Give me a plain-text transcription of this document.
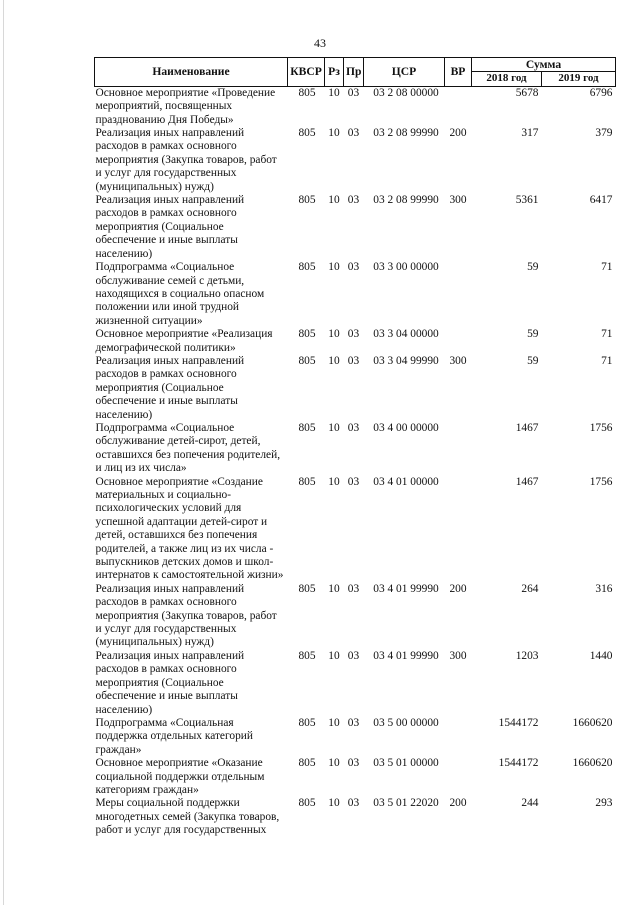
43
Наименование	КВСР	Рз	Пр	ЦСР	ВР	Сумма	
						2018 год	2019 год
Основное мероприятие «Проведение мероприятий, посвященных празднованию Дня Победы»	805	10	03	03 2 08 00000		5678	6796
Реализация иных направлений расходов в рамках основного мероприятия (Закупка товаров, работ и услуг для государственных (муниципальных) нужд)	805	10	03	03 2 08 99990	200	317	379
Реализация иных направлений расходов в рамках основного мероприятия (Социальное обеспечение и иные выплаты населению)	805	10	03	03 2 08 99990	300	5361	6417
Подпрограмма «Социальное обслуживание семей с детьми, находящихся в социально опасном положении или иной трудной жизненной ситуации»	805	10	03	03 3 00 00000		59	71
Основное мероприятие «Реализация демографической политики»	805	10	03	03 3 04 00000		59	71
Реализация иных направлений расходов в рамках основного мероприятия (Социальное обеспечение и иные выплаты населению)	805	10	03	03 3 04 99990	300	59	71
Подпрограмма «Социальное обслуживание детей-сирот, детей, оставшихся без попечения родителей, и лиц из их числа»	805	10	03	03 4 00 00000		1467	1756
Основное мероприятие «Создание материальных и социально-психологических условий для успешной адаптации детей-сирот и детей, оставшихся без попечения родителей, а также лиц из их числа - выпускников детских домов и школ-интернатов к самостоятельной жизни»	805	10	03	03 4 01 00000		1467	1756
Реализация иных направлений расходов в рамках основного мероприятия (Закупка товаров, работ и услуг для государственных (муниципальных) нужд)	805	10	03	03 4 01 99990	200	264	316
Реализация иных направлений расходов в рамках основного мероприятия (Социальное обеспечение и иные выплаты населению)	805	10	03	03 4 01 99990	300	1203	1440
Подпрограмма «Социальная поддержка отдельных категорий граждан»	805	10	03	03 5 00 00000		1544172	1660620
Основное мероприятие «Оказание социальной поддержки отдельным категориям граждан»	805	10	03	03 5 01 00000		1544172	1660620
Меры социальной поддержки многодетных семей (Закупка товаров, работ и услуг для государственных	805	10	03	03 5 01 22020	200	244	293
